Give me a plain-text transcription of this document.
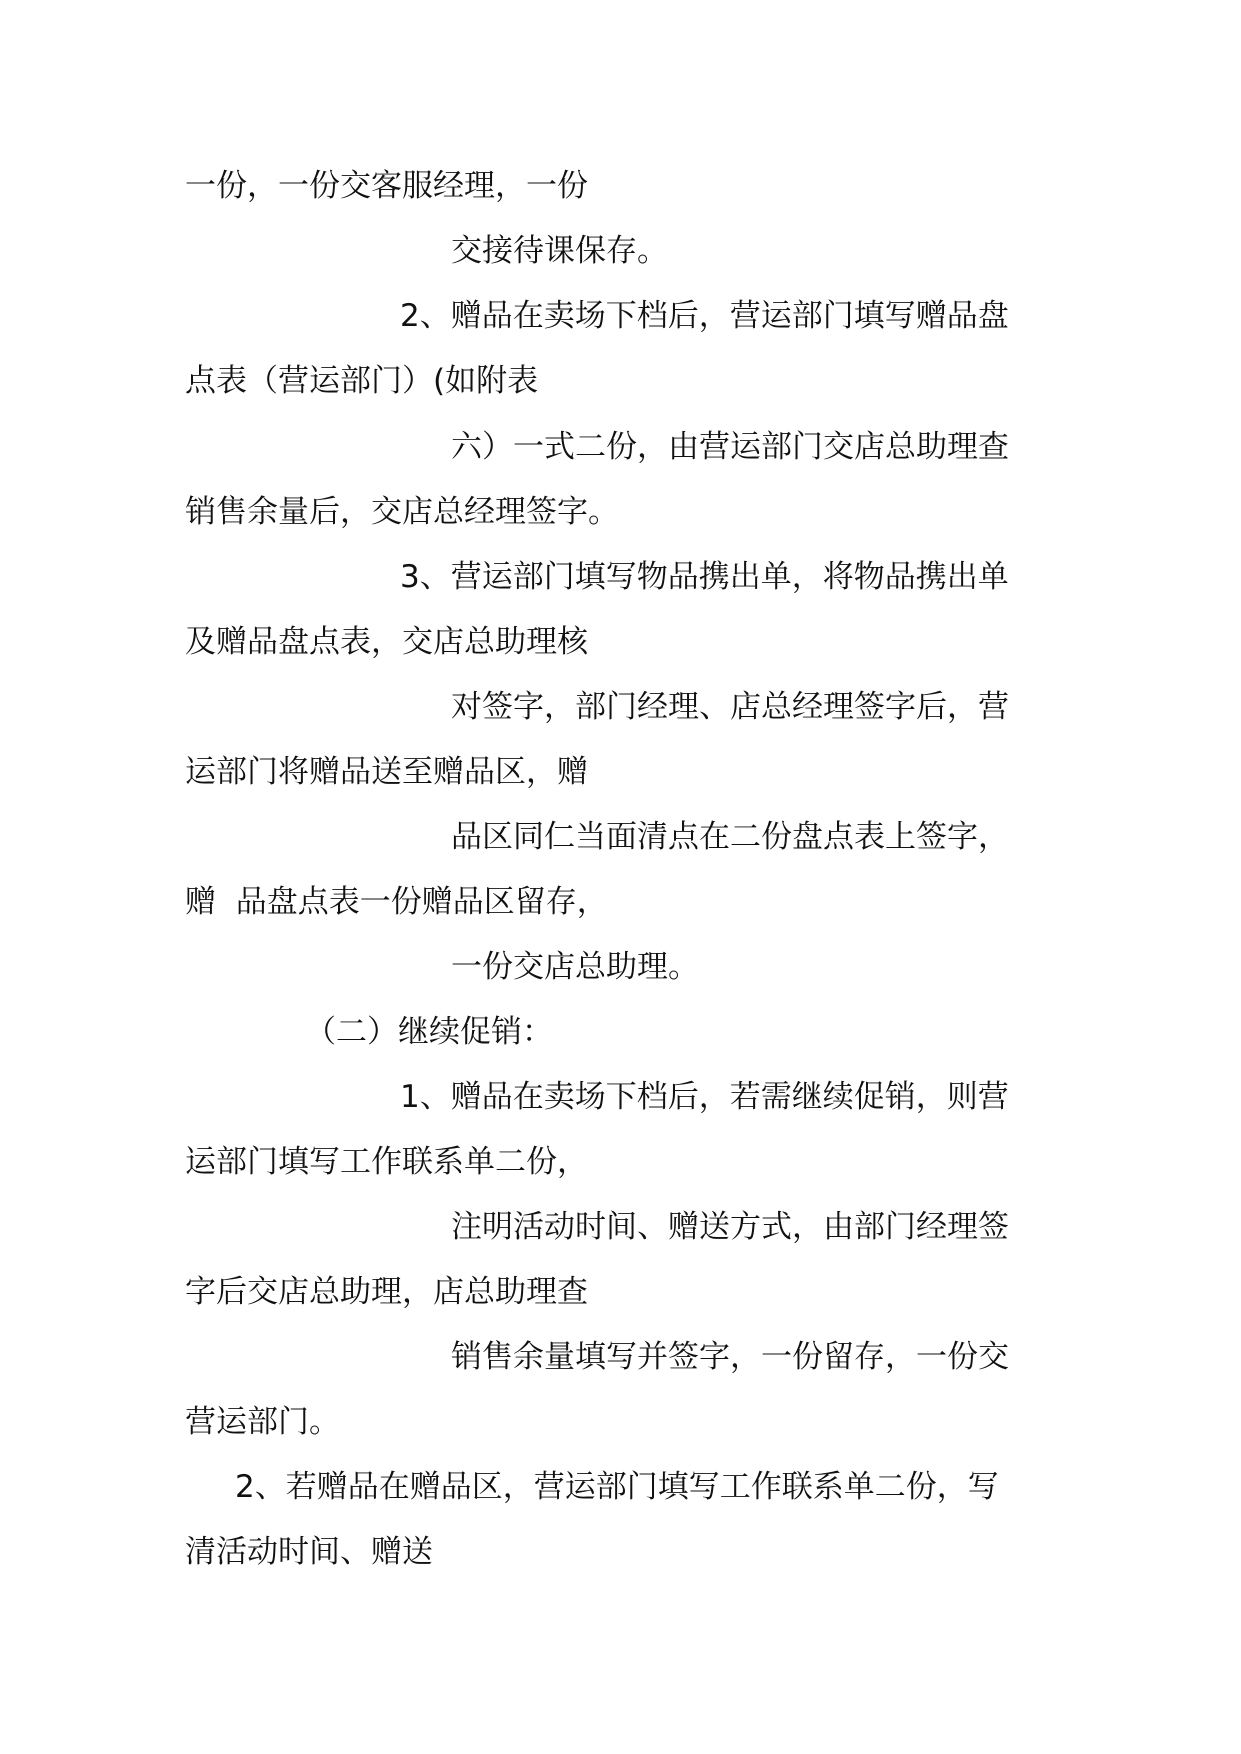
一份，一份交客服经理，一份
交接待课保存。
2、赠品在卖场下档后，营运部门填写赠品盘
点表（营运部门）(如附表
六）一式二份，由营运部门交店总助理查
销售余量后，交店总经理签字。
3、营运部门填写物品携出单，将物品携出单
及赠品盘点表，交店总助理核
对签字，部门经理、店总经理签字后，营
运部门将赠品送至赠品区，赠
品区同仁当面清点在二份盘点表上签字，
赠  品盘点表一份赠品区留存，
一份交店总助理。
（二）继续促销：
1、赠品在卖场下档后，若需继续促销，则营
运部门填写工作联系单二份，
注明活动时间、赠送方式，由部门经理签
字后交店总助理，店总助理查
销售余量填写并签字，一份留存，一份交
营运部门。
2、若赠品在赠品区，营运部门填写工作联系单二份，写
清活动时间、赠送
